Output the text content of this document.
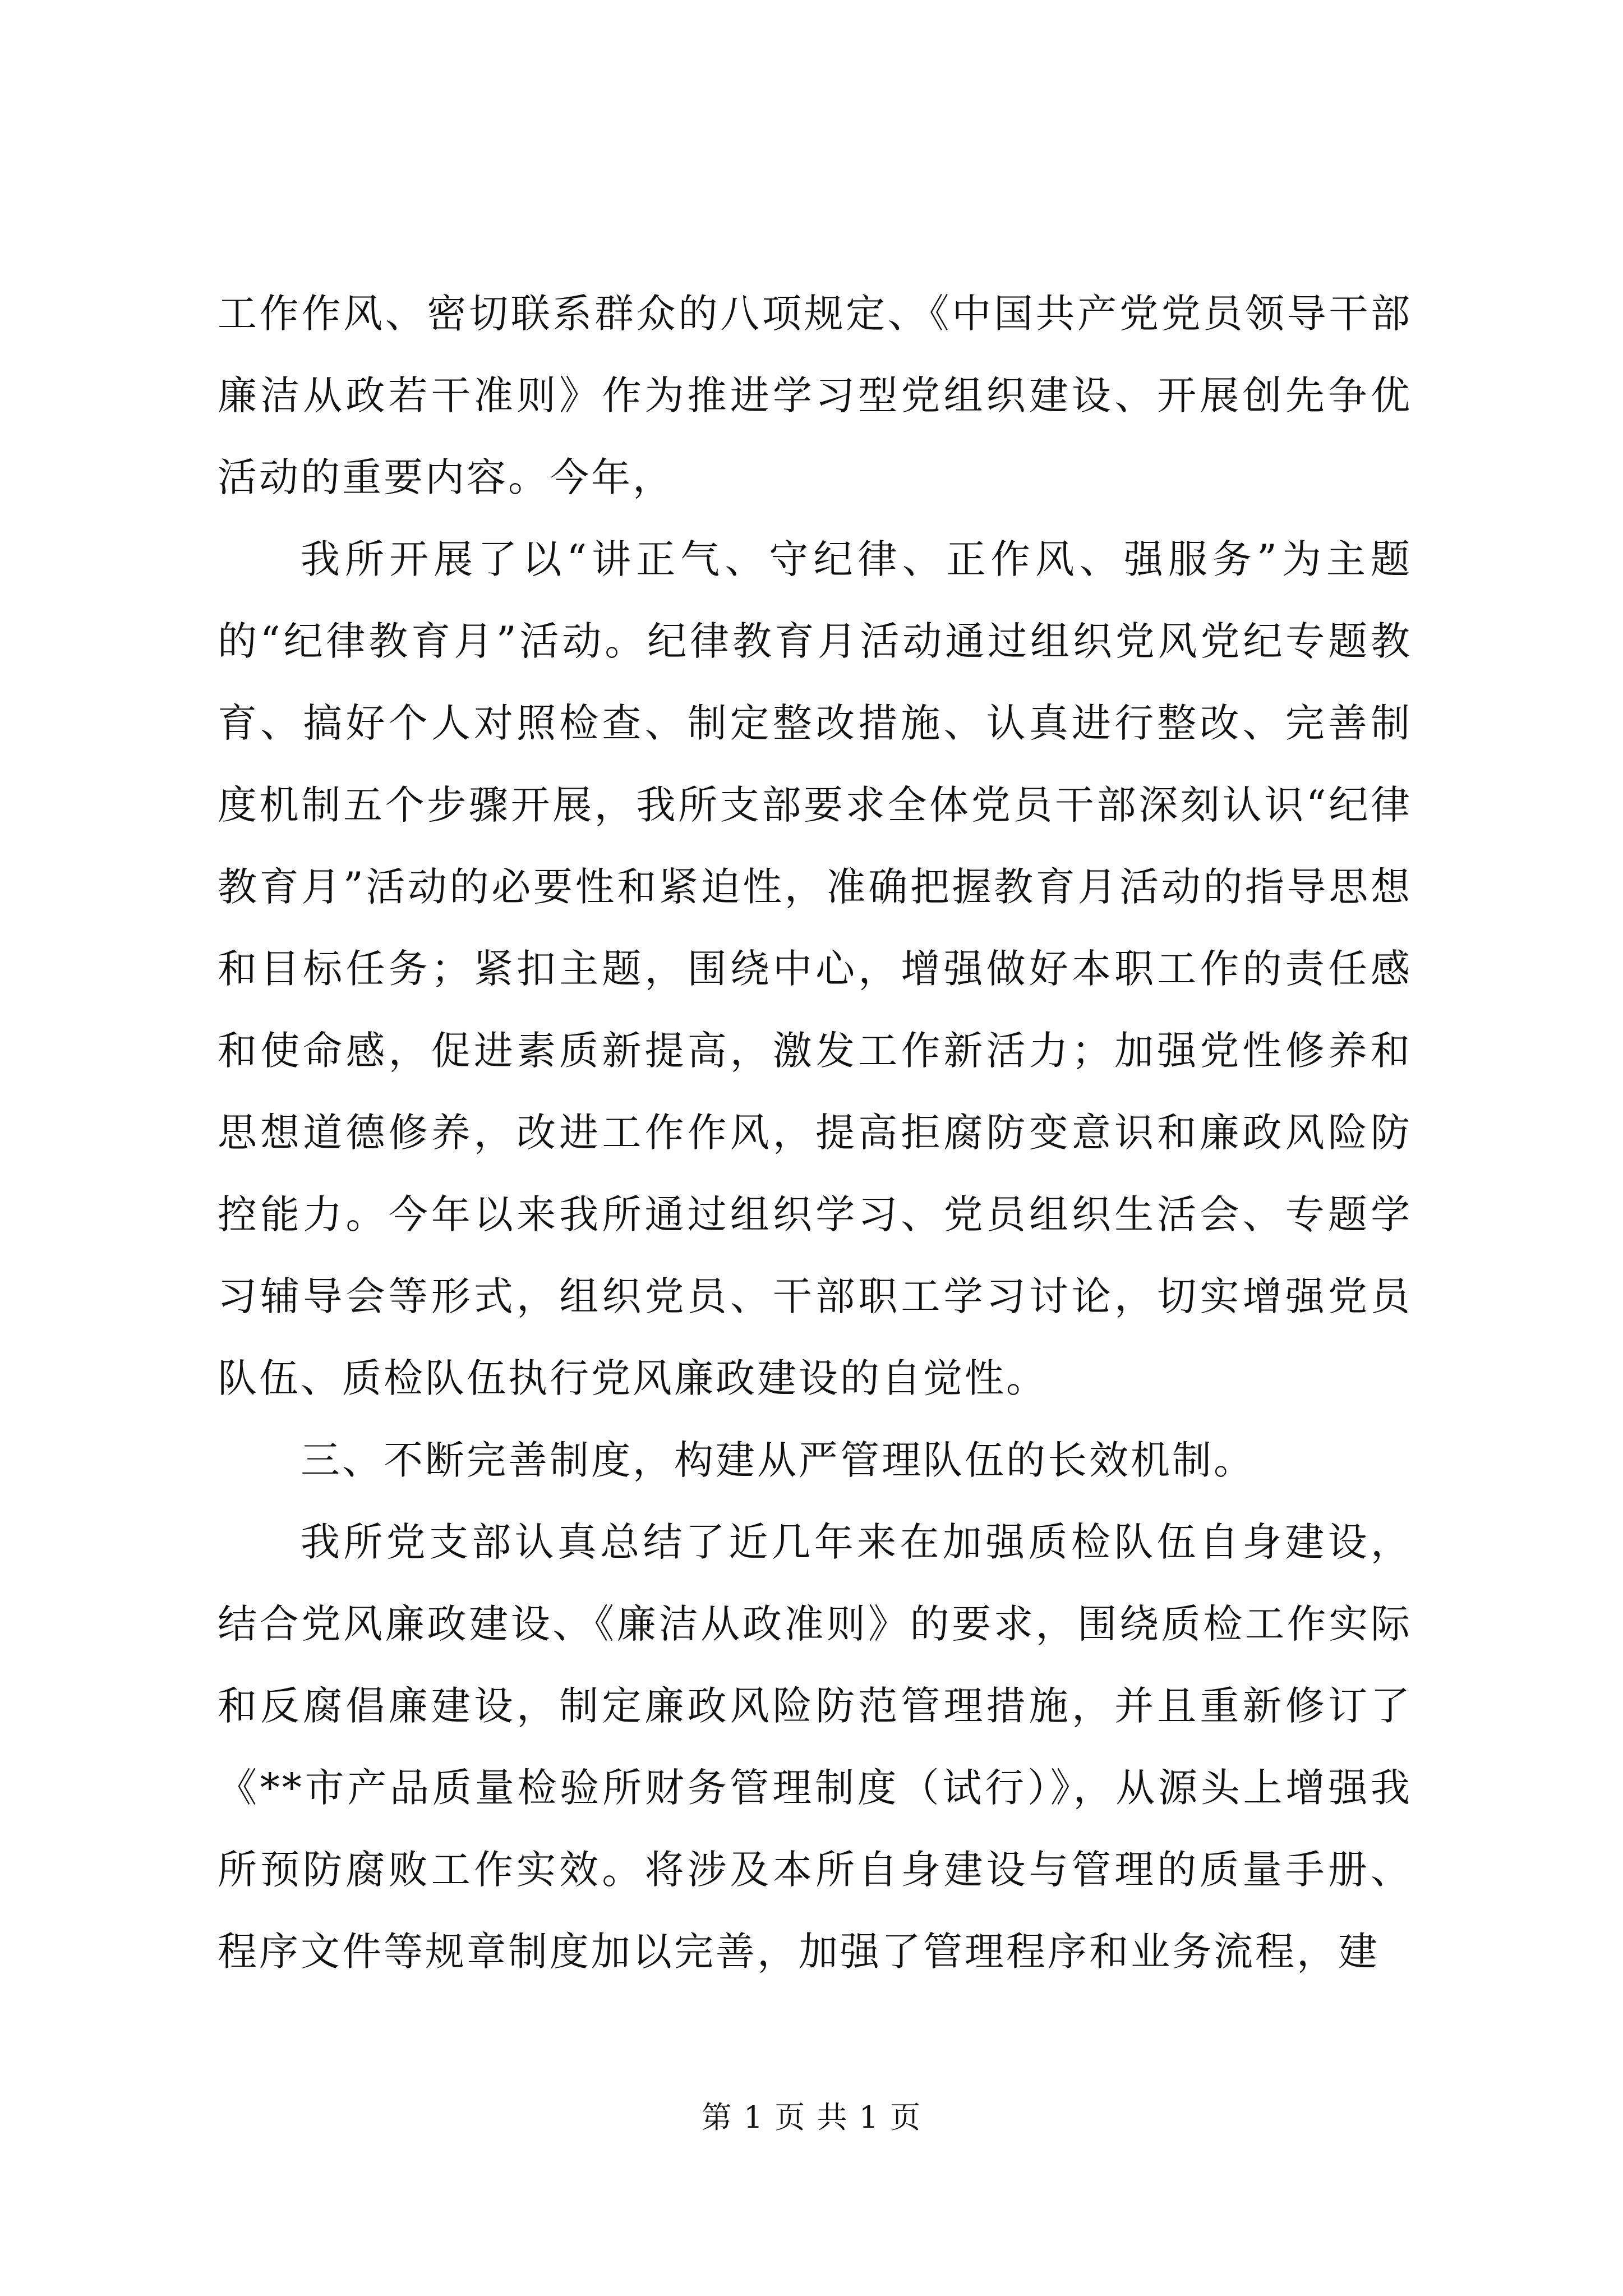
工作作风、密切联系群众的八项规定、《中国共产党党员领导干部廉洁从政若干准则》作为推进学习型党组织建设、开展创先争优活动的重要内容。今年，

我所开展了以“讲正气、守纪律、正作风、强服务”为主题的“纪律教育月”活动。纪律教育月活动通过组织党风党纪专题教育、搞好个人对照检查、制定整改措施、认真进行整改、完善制度机制五个步骤开展，我所支部要求全体党员干部深刻认识“纪律教育月”活动的必要性和紧迫性，准确把握教育月活动的指导思想和目标任务；紧扣主题，围绕中心，增强做好本职工作的责任感和使命感，促进素质新提高，激发工作新活力；加强党性修养和思想道德修养，改进工作作风，提高拒腐防变意识和廉政风险防控能力。今年以来我所通过组织学习、党员组织生活会、专题学习辅导会等形式，组织党员、干部职工学习讨论，切实增强党员队伍、质检队伍执行党风廉政建设的自觉性。

三、不断完善制度，构建从严管理队伍的长效机制。

我所党支部认真总结了近几年来在加强质检队伍自身建设，结合党风廉政建设、《廉洁从政准则》的要求，围绕质检工作实际和反腐倡廉建设，制定廉政风险防范管理措施，并且重新修订了《**市产品质量检验所财务管理制度（试行）》，从源头上增强我所预防腐败工作实效。将涉及本所自身建设与管理的质量手册、程序文件等规章制度加以完善，加强了管理程序和业务流程，建

第 1 页 共 1 页
